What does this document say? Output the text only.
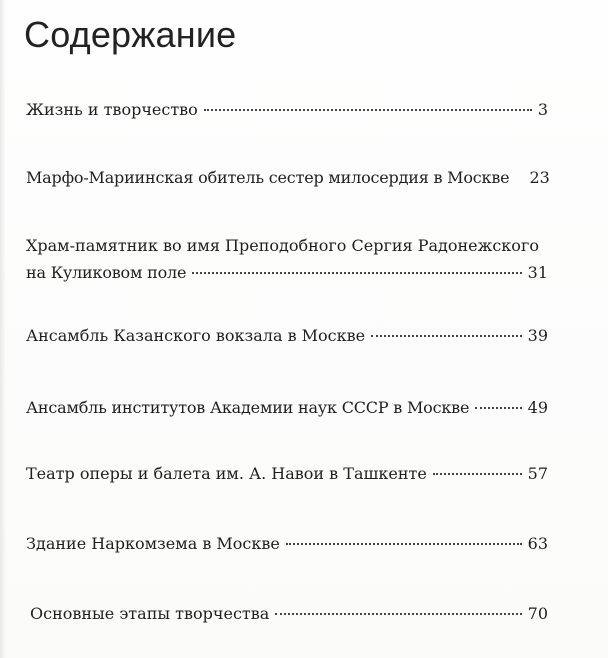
Содержание
Жизнь и творчество	3
Марфо-Мариинская обитель сестер милосердия в Москве 23
Храм-памятник во имя Преподобного Сергия Радонежского
на Куликовом поле	31
Ансамбль Казанского вокзала в Москве	39
Ансамбль институтов Академии наук СССР в Москве	49
Театр оперы и балета им. А. Навои в Ташкенте	57
Здание Наркомзема в Москве	63
Основные этапы творчества	70
